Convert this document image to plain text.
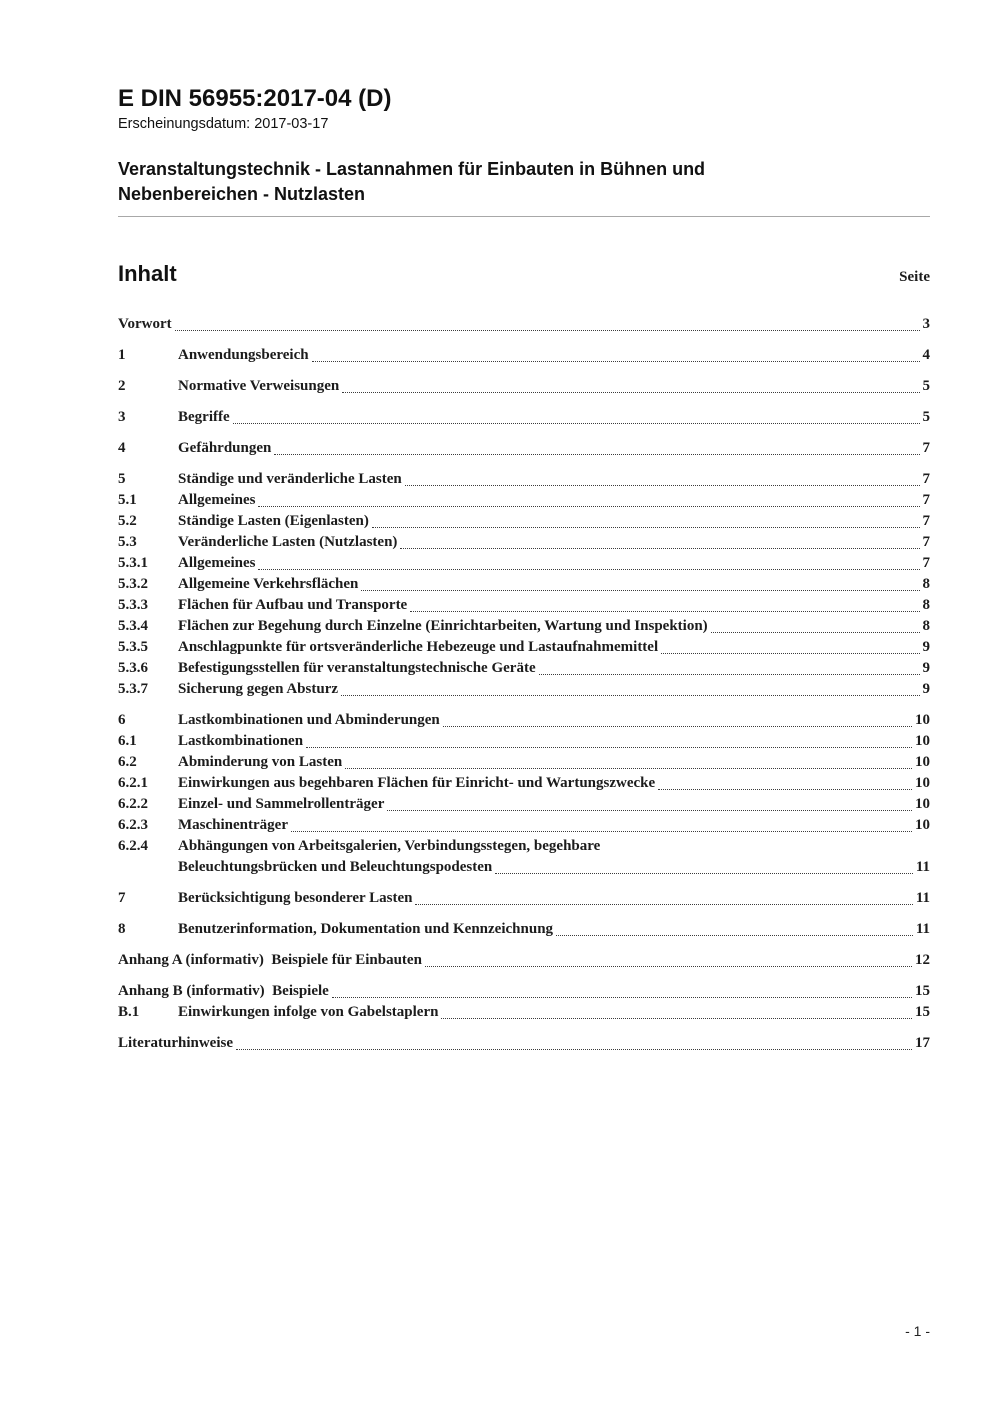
E DIN 56955:2017-04 (D)
Erscheinungsdatum: 2017-03-17
Veranstaltungstechnik - Lastannahmen für Einbauten in Bühnen und
Nebenbereichen - Nutzlasten
Inhalt	Seite
Vorwort	3
1	Anwendungsbereich	4
2	Normative Verweisungen	5
3	Begriffe	5
4	Gefährdungen	7
5	Ständige und veränderliche Lasten	7
5.1	Allgemeines	7
5.2	Ständige Lasten (Eigenlasten)	7
5.3	Veränderliche Lasten (Nutzlasten)	7
5.3.1	Allgemeines	7
5.3.2	Allgemeine Verkehrsflächen	8
5.3.3	Flächen für Aufbau und Transporte	8
5.3.4	Flächen zur Begehung durch Einzelne (Einrichtarbeiten, Wartung und Inspektion)	8
5.3.5	Anschlagpunkte für ortsveränderliche Hebezeuge und Lastaufnahmemittel	9
5.3.6	Befestigungsstellen für veranstaltungstechnische Geräte	9
5.3.7	Sicherung gegen Absturz	9
6	Lastkombinationen und Abminderungen	10
6.1	Lastkombinationen	10
6.2	Abminderung von Lasten	10
6.2.1	Einwirkungen aus begehbaren Flächen für Einricht- und Wartungszwecke	10
6.2.2	Einzel- und Sammelrollenträger	10
6.2.3	Maschinenträger	10
6.2.4	Abhängungen von Arbeitsgalerien, Verbindungsstegen, begehbare
Beleuchtungsbrücken und Beleuchtungspodesten	11
7	Berücksichtigung besonderer Lasten	11
8	Benutzerinformation, Dokumentation und Kennzeichnung	11
Anhang A (informativ)  Beispiele für Einbauten	12
Anhang B (informativ)  Beispiele	15
B.1	Einwirkungen infolge von Gabelstaplern	15
Literaturhinweise	17
- 1 -
